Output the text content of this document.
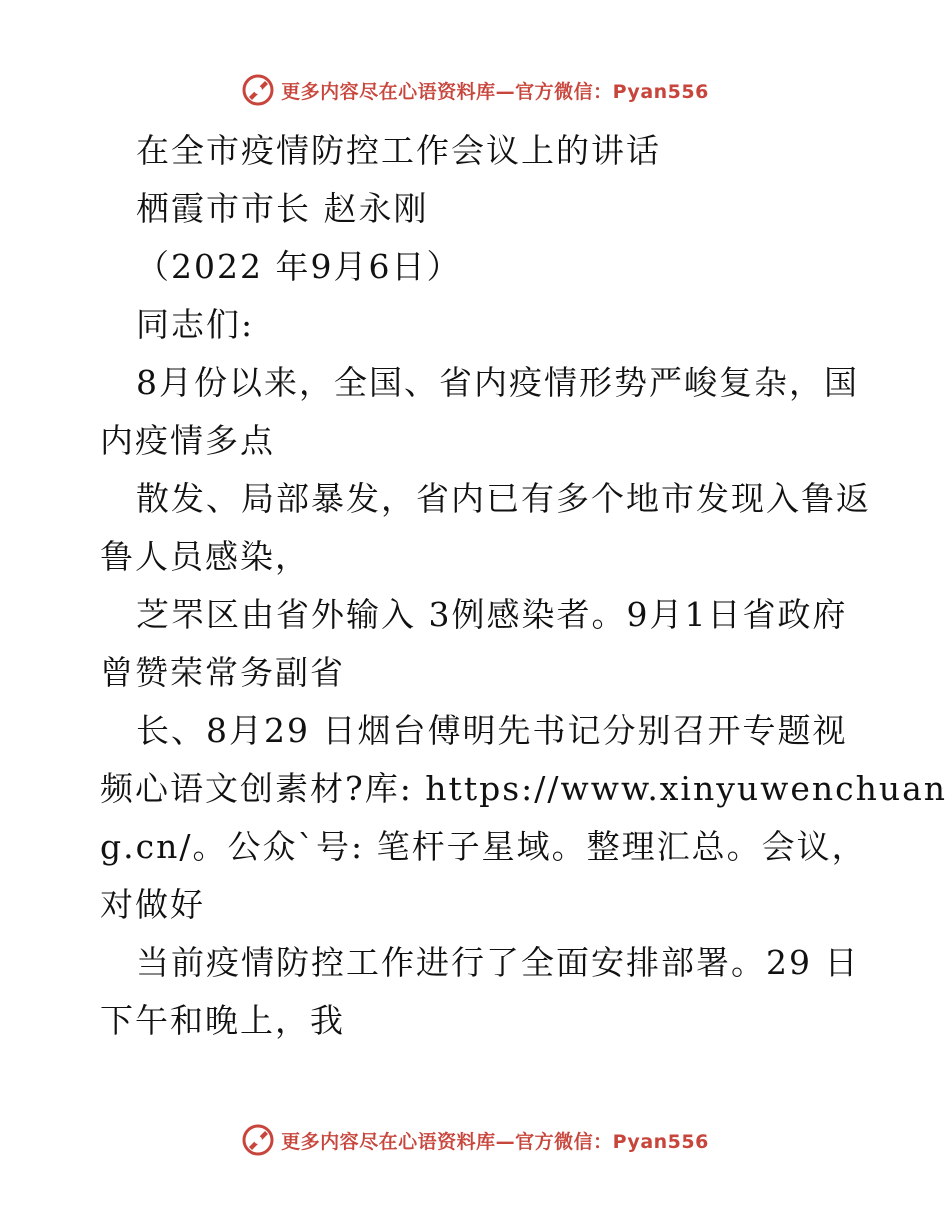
更多内容尽在心语资料库—官方微信：Pyan556
在全市疫情防控工作会议上的讲话
栖霞市市长 赵永刚
（2022 年9月6日）
同志们:
8月份以来，全国、省内疫情形势严峻复杂，国
内疫情多点
散发、局部暴发，省内已有多个地市发现入鲁返
鲁人员感染，
芝罘区由省外输入 3例感染者。9月1日省政府
曾赞荣常务副省
长、8月29 日烟台傅明先书记分别召开专题视
频心语文创素材?库: https://www.xinyuwenchuan
g.cn/。公众`号: 笔杆子星域。整理汇总。会议，
对做好
当前疫情防控工作进行了全面安排部署。29 日
下午和晚上，我
更多内容尽在心语资料库—官方微信：Pyan556
